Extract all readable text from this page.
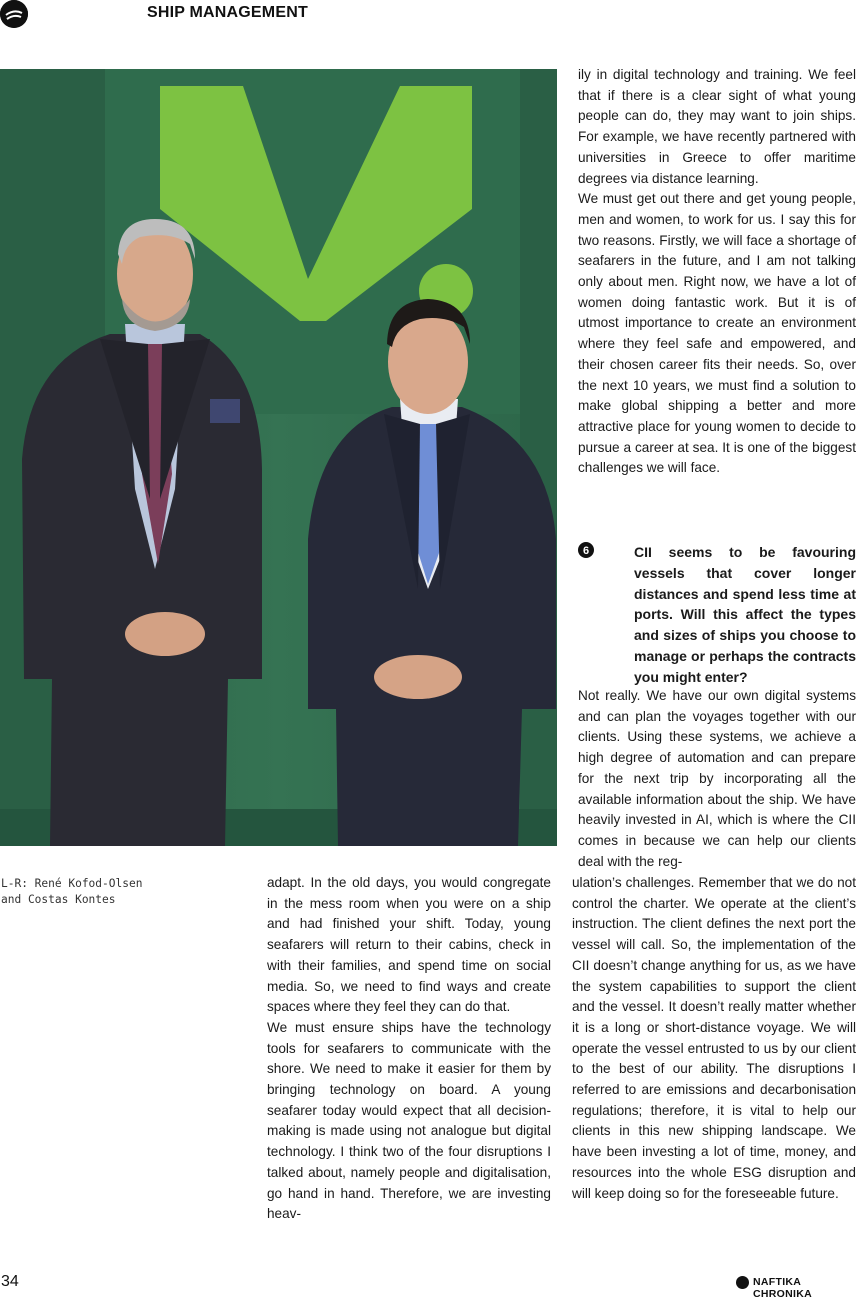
SHIP MANAGEMENT
L-R: René Kofod-Olsen
and Costas Kontes

ily in digital technology and training. We feel that if there is a clear sight of what young people can do, they may want to join ships. For example, we have recently partnered with universities in Greece to offer maritime degrees via distance learning.

We must get out there and get young people, men and women, to work for us. I say this for two reasons. Firstly, we will face a shortage of seafarers in the future, and I am not talking only about men. Right now, we have a lot of women doing fantastic work. But it is of utmost importance to create an environment where they feel safe and empowered, and their chosen career fits their needs. So, over the next 10 years, we must find a solution to make global shipping a better and more attractive place for young women to decide to pursue a career at sea. It is one of the biggest challenges we will face.

6	CII seems to be favouring vessels that cover longer distances and spend less time at ports. Will this affect the types and sizes of ships you choose to manage or perhaps the contracts you might enter?

Not really. We have our own digital systems and can plan the voyages together with our clients. Using these systems, we achieve a high degree of automation and can prepare for the next trip by incorporating all the available information about the ship. We have heavily invested in AI, which is where the CII comes in because we can help our clients deal with the reg-

adapt. In the old days, you would congregate in the mess room when you were on a ship and had finished your shift. Today, young seafarers will return to their cabins, check in with their families, and spend time on social media. So, we need to find ways and create spaces where they feel they can do that.

We must ensure ships have the technology tools for seafarers to communicate with the shore. We need to make it easier for them by bringing technology on board. A young seafarer today would expect that all decision-making is made using not analogue but digital technology. I think two of the four disruptions I talked about, namely people and digitalisation, go hand in hand. Therefore, we are investing heav-

ulation’s challenges. Remember that we do not control the charter. We operate at the client’s instruction. The client defines the next port the vessel will call. So, the implementation of the CII doesn’t change anything for us, as we have the system capabilities to support the client and the vessel. It doesn’t really matter whether it is a long or short-distance voyage. We will operate the vessel entrusted to us by our client to the best of our ability. The disruptions I referred to are emissions and decarbonisation regulations; therefore, it is vital to help our clients in this new shipping landscape. We have been investing a lot of time, money, and resources into the whole ESG disruption and will keep doing so for the foreseeable future.

34	NAFTIKA CHRONIKA
